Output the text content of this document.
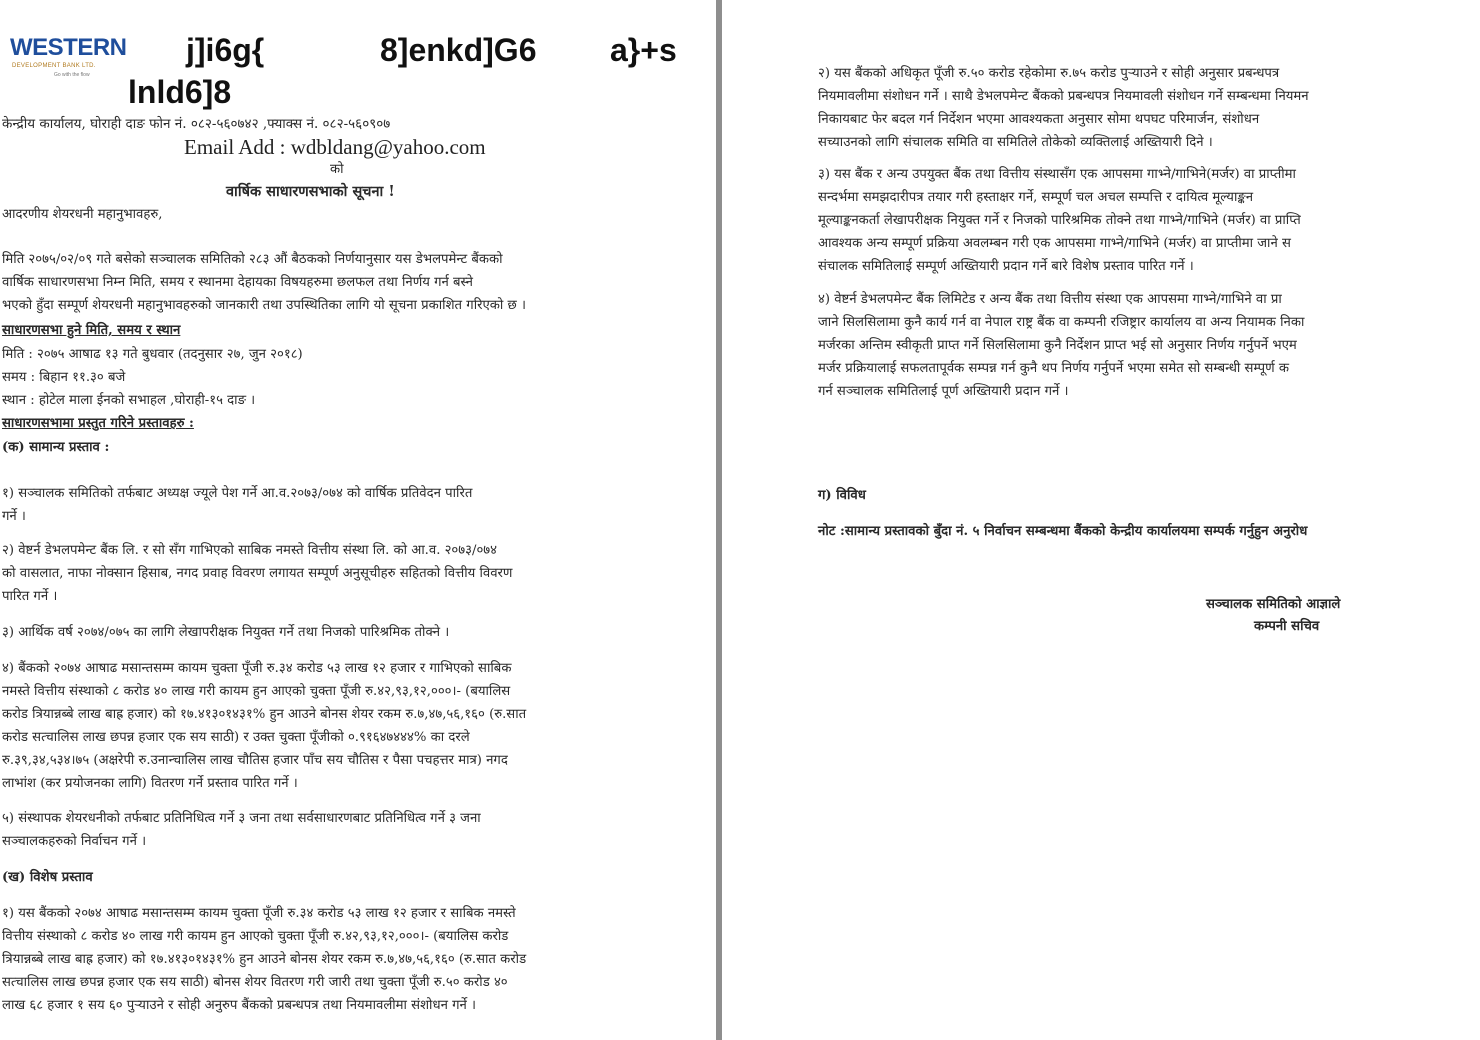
WESTERN
DEVELOPMENT BANK LTD.
Go with the flow
j]i6g{	8]enkd]G6 a}+s
lnld6]8
केन्द्रीय कार्यालय, घोराही दाङ फोन नं. ०८२-५६०७४२ ,फ्याक्स नं. ०८२-५६०९०७
Email Add : wdbldang@yahoo.com
को
वार्षिक साधारणसभाको सूचना !
आदरणीय शेयरधनी महानुभावहरु,
मिति २०७५/०२/०९ गते बसेको सञ्चालक समितिको २८३ औं बैठकको निर्णयानुसार यस डेभलपमेन्ट बैंकको
वार्षिक साधारणसभा निम्न मिति, समय र स्थानमा देहायका विषयहरुमा छलफल तथा निर्णय गर्न बस्ने
भएको हुँदा सम्पूर्ण शेयरधनी महानुभावहरुको जानकारी तथा उपस्थितिका लागि यो सूचना प्रकाशित गरिएको छ ।
साधारणसभा हुने मिति, समय र स्थान
मिति : २०७५ आषाढ १३ गते बुधवार (तदनुसार २७, जुन २०१८)
समय : बिहान ११.३० बजे
स्थान : होटेल माला ईनको सभाहल ,घोराही-१५ दाङ ।
साधारणसभामा प्रस्तुत गरिने प्रस्तावहरु :
(क) सामान्य प्रस्ताव :
१) सञ्चालक समितिको तर्फबाट अध्यक्ष ज्यूले पेश गर्ने आ.व.२०७३/०७४ को वार्षिक प्रतिवेदन पारित
गर्ने ।
२) वेष्टर्न डेभलपमेन्ट बैंक लि. र सो सँग गाभिएको साबिक नमस्ते वित्तीय संस्था लि. को आ.व. २०७३/०७४
को वासलात, नाफा नोक्सान हिसाब, नगद प्रवाह विवरण लगायत सम्पूर्ण अनुसूचीहरु सहितको वित्तीय विवरण
पारित गर्ने ।
३) आर्थिक वर्ष २०७४/०७५ का लागि लेखापरीक्षक नियुक्त गर्ने तथा निजको पारिश्रमिक तोक्ने ।
४) बैंकको २०७४ आषाढ मसान्तसम्म कायम चुक्ता पूँजी रु.३४ करोड ५३ लाख १२ हजार र गाभिएको साबिक
नमस्ते वित्तीय संस्थाको ८ करोड ४० लाख गरी कायम हुन आएको चुक्ता पूँजी रु.४२,९३,१२,०००।- (बयालिस
करोड त्रियान्नब्बे लाख बाह्र हजार) को १७.४१३०१४३१% हुन आउने बोनस शेयर रकम रु.७,४७,५६,१६० (रु.सात
करोड सत्चालिस लाख छपन्न हजार एक सय साठी) र उक्त चुक्ता पूँजीको ०.९१६४७४४४% का दरले
रु.३९,३४,५३४।७५ (अक्षरेपी रु.उनान्चालिस लाख चौतिस हजार पाँच सय चौतिस र पैसा पचहत्तर मात्र) नगद
लाभांश (कर प्रयोजनका लागि) वितरण गर्ने प्रस्ताव पारित गर्ने ।
५) संस्थापक शेयरधनीको तर्फबाट प्रतिनिधित्व गर्ने ३ जना तथा सर्वसाधारणबाट प्रतिनिधित्व गर्ने ३ जना
सञ्चालकहरुको निर्वाचन गर्ने ।
(ख) विशेष प्रस्ताव
१) यस बैंकको २०७४ आषाढ मसान्तसम्म कायम चुक्ता पूँजी रु.३४ करोड ५३ लाख १२ हजार र साबिक नमस्ते
वित्तीय संस्थाको ८ करोड ४० लाख गरी कायम हुन आएको चुक्ता पूँजी रु.४२,९३,१२,०००।- (बयालिस करोड
त्रियान्नब्बे लाख बाह्र हजार) को १७.४१३०१४३१% हुन आउने बोनस शेयर रकम रु.७,४७,५६,१६० (रु.सात करोड
सत्चालिस लाख छपन्न हजार एक सय साठी) बोनस शेयर वितरण गरी जारी तथा चुक्ता पूँजी रु.५० करोड ४०
लाख ६८ हजार १ सय ६० पुऱ्याउने र सोही अनुरुप बैंकको प्रबन्धपत्र तथा नियमावलीमा संशोधन गर्ने ।
२) यस बैंकको अधिकृत पूँजी रु.५० करोड रहेकोमा रु.७५ करोड पुऱ्याउने र सोही अनुसार प्रबन्धपत्र
नियमावलीमा संशोधन गर्ने । साथै डेभलपमेन्ट बैंकको प्रबन्धपत्र नियमावली संशोधन गर्ने सम्बन्धमा नियमन
निकायबाट फेर बदल गर्न निर्देशन भएमा आवश्यकता अनुसार सोमा थपघट परिमार्जन, संशोधन
सच्याउनको लागि संचालक समिति वा समितिले तोकेको व्यक्तिलाई अख्तियारी दिने ।
३) यस बैंक र अन्य उपयुक्त बैंक तथा वित्तीय संस्थासँग एक आपसमा गाभ्ने/गाभिने(मर्जर) वा प्राप्तीमा
सन्दर्भमा समझदारीपत्र तयार गरी हस्ताक्षर गर्ने, सम्पूर्ण चल अचल सम्पत्ति र दायित्व मूल्याङ्कन
मूल्याङ्कनकर्ता लेखापरीक्षक नियुक्त गर्ने र निजको पारिश्रमिक तोक्ने तथा गाभ्ने/गाभिने (मर्जर) वा प्राप्ति
आवश्यक अन्य सम्पूर्ण प्रक्रिया अवलम्बन गरी एक आपसमा गाभ्ने/गाभिने (मर्जर) वा प्राप्तीमा जाने स
संचालक समितिलाई सम्पूर्ण अख्तियारी प्रदान गर्ने बारे विशेष प्रस्ताव पारित गर्ने ।
४) वेष्टर्न डेभलपमेन्ट बैंक लिमिटेड र अन्य बैंक तथा वित्तीय संस्था एक आपसमा गाभ्ने/गाभिने वा प्रा
जाने सिलसिलामा कुनै कार्य गर्न वा नेपाल राष्ट्र बैंक वा कम्पनी रजिष्ट्रार कार्यालय वा अन्य नियामक निका
मर्जरका अन्तिम स्वीकृती प्राप्त गर्ने सिलसिलामा कुनै निर्देशन प्राप्त भई सो अनुसार निर्णय गर्नुपर्ने भएम
मर्जर प्रक्रियालाई सफलतापूर्वक सम्पन्न गर्न कुनै थप निर्णय गर्नुपर्ने भएमा समेत सो सम्बन्धी सम्पूर्ण क
गर्न सञ्चालक समितिलाई पूर्ण अख्तियारी प्रदान गर्ने ।
ग) विविध
नोट :सामान्य प्रस्तावको बुँदा नं. ५ निर्वाचन सम्बन्धमा बैंकको केन्द्रीय कार्यालयमा सम्पर्क गर्नुहुन अनुरोध
सञ्चालक समितिको आज्ञाले
कम्पनी सचिव
